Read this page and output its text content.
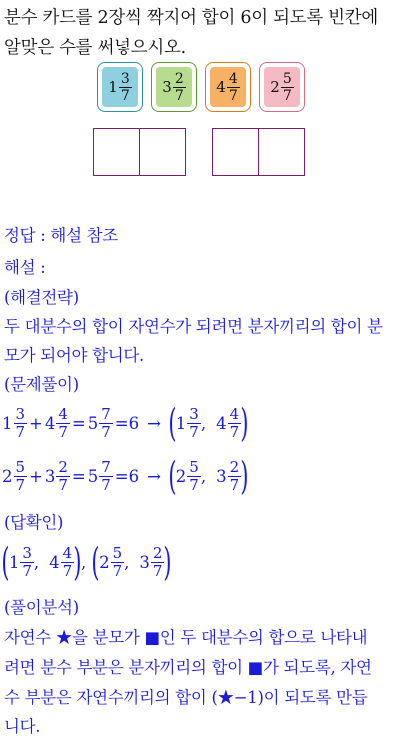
분수 카드를 2장씩 짝지어 합이 6이 되도록 빈칸에
알맞은 수를 써넣으시오.
$1 \frac{3}{7} 3 \frac{2}{7} 4 \frac{4}{7} 2 \frac{5}{7}$
정답 : 해설 참조
해설 :
(해결전략)
두 대분수의 합이 자연수가 되려면 분자끼리의 합이 분
모가 되어야 합니다.
(문제풀이)
$1 \frac{3}{7} + 4 \frac{4}{7} = 5 \frac{7}{7} =6$ → ( $1 \frac{3}{7}$ , $4 \frac{4}{7}$ )
$2 \frac{5}{7} + 3 \frac{2}{7} = 5 \frac{7}{7} =6$ → ( $2 \frac{5}{7}$ , $3 \frac{2}{7}$ )
(답확인)
( $1 \frac{3}{7}$ , $4 \frac{4}{7}$ ) , ( $2 \frac{5}{7}$ , $3 \frac{2}{7}$ )
(풀이분석)
자연수 ★을 분모가 ■인 두 대분수의 합으로 나타내
려면 분수 부분은 분자끼리의 합이 ■가 되도록, 자연
수 부분은 자연수끼리의 합이 (★−1)이 되도록 만듭
니다.
